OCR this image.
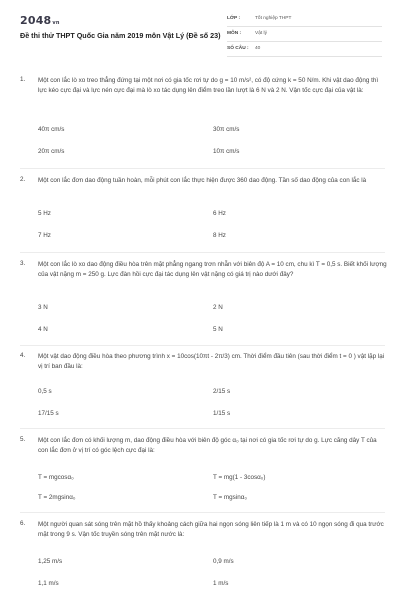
2048vn
Đề thi thử THPT Quốc Gia năm 2019 môn Vật Lý (Đề số 23)
LỚP :	Tốt nghiệp THPT
MÔN :	Vật lý
SỐ CÂU : 40
1. Một con lắc lò xo treo thẳng đứng tại một nơi có gia tốc rơi tự do g = 10 m/s², có độ cứng k = 50 N/m. Khi vật dao động thì lực kéo cực đại và lực nén cực đại mà lò xo tác dụng lên điểm treo lần lượt là 6 N và 2 N. Vận tốc cực đại của vật là:
40π cm/s	30π cm/s
20π cm/s	10π cm/s
2. Một con lắc đơn dao động tuần hoàn, mỗi phút con lắc thực hiện được 360 dao động. Tần số dao động của con lắc là
5 Hz	6 Hz
7 Hz	8 Hz
3. Một con lắc lò xo dao động điều hòa trên mặt phẳng ngang trơn nhẵn với biên độ A = 10 cm, chu kì T = 0,5 s. Biết khối lượng của vật nặng m = 250 g. Lực đàn hồi cực đại tác dụng lên vật nặng có giá trị nào dưới đây?
3 N	2 N
4 N	5 N
4. Một vật dao động điều hòa theo phương trình x = 10cos(10πt - 2π/3) cm. Thời điểm đầu tiên (sau thời điểm t = 0 ) vật lặp lại vị trí ban đầu là:
0,5 s	2/15 s
17/15 s	1/15 s
5. Một con lắc đơn có khối lượng m, dao động điều hòa với biên độ góc α₀ tại nơi có gia tốc rơi tự do g. Lực căng dây T của con lắc đơn ở vị trí có góc lệch cực đại là:
T = mgcosα₀	T = mg(1 - 3cosα₀)
T = 2mgsinα₀	T = mgsinα₀
6. Một người quan sát sóng trên mặt hồ thấy khoảng cách giữa hai ngọn sóng liên tiếp là 1 m và có 10 ngọn sóng đi qua trước mặt trong 9 s. Vận tốc truyền sóng trên mặt nước là:
1,25 m/s	0,9 m/s
1,1 m/s	1 m/s
